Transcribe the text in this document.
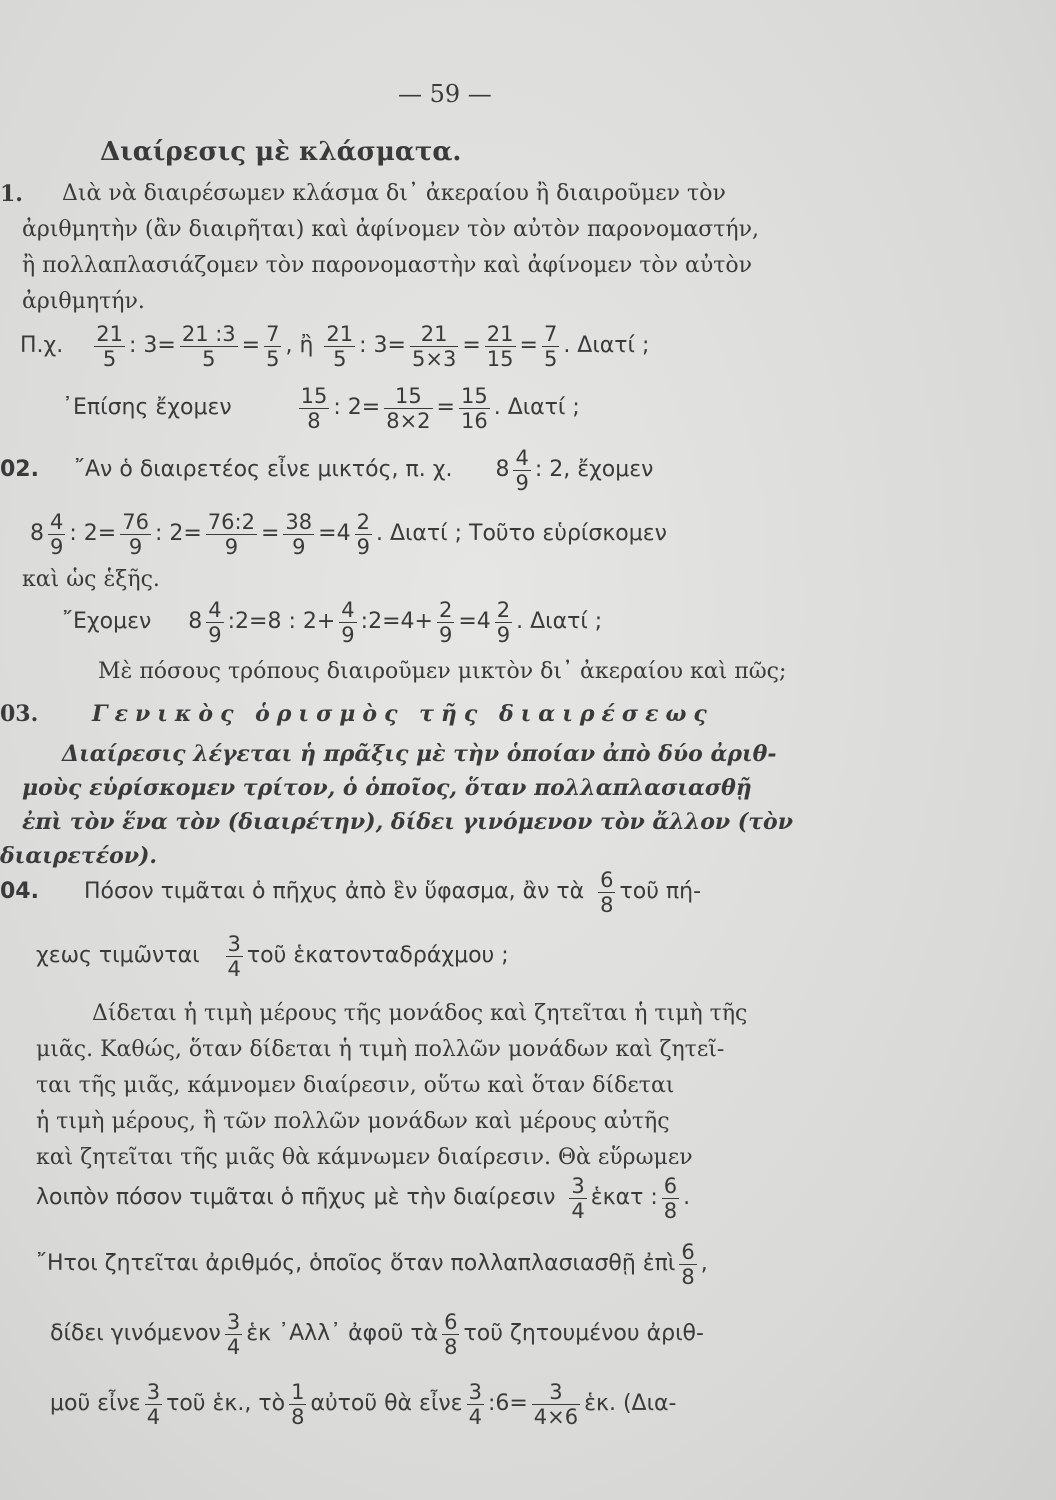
— 59 —
Διαίρεσις μὲ κλάσματα.
1. Διὰ νὰ διαιρέσωμεν κλάσμα δι᾽ ἀκεραίου ἢ διαιροῦμεν τὸν
ἀριθμητὴν (ἂν διαιρῆται) καὶ ἀφίνομεν τὸν αὐτὸν παρονομαστήν,
ἢ πολλαπλασιάζομεν τὸν παρονομαστὴν καὶ ἀφίνομεν τὸν αὐτὸν
ἀριθμητήν.
Π.χ. $\frac{21}{5}$ : $3= \frac{21 :3}{5} = \frac{7}{5}$ , ἢ $\frac{21}{5}$ : $3= \frac{21}{5\times 3} = \frac{21}{15} = \frac{7}{5}$ . Διατί ;
᾿Επίσης ἔχομεν	$\frac{15}{8}$ : $2= \frac{15}{8\times 2} = \frac{15}{16}$ . Διατί ;
02. ῎Αν ὁ διαιρετέος εἶνε μικτός, π. χ. $8 \frac{4}{9}$ : 2, ἔχομεν
$8 \frac{4}{9}$ : $2= \frac{76}{9}$ : $2= \frac{76:2}{9} = \frac{38}{9} =4 \frac{2}{9}$ . Διατί ; Τοῦτο εὑρίσκομεν
καὶ ὡς ἑξῆς.
῎Εχομεν $8 \frac{4}{9}$ :2=8 : $2+ \frac{4}{9}$ :2=4+ $\frac{2}{9} =4 \frac{2}{9}$ . Διατί ;
Μὲ πόσους τρόπους διαιροῦμεν μικτὸν δι᾽ ἀκεραίου καὶ πῶς;
03. Γενικὸς ὁρισμὸς τῆς διαιρέσεως
Διαίρεσις λέγεται ἡ πρᾶξις μὲ τὴν ὁποίαν ἀπὸ δύο ἀριθ-
μοὺς εὑρίσκομεν τρίτον, ὁ ὁποῖος, ὅταν πολλαπλασιασθῇ
ἐπὶ τὸν ἕνα τὸν (διαιρέτην), δίδει γινόμενον τὸν ἄλλον (τὸν
διαιρετέον).
04. Πόσον τιμᾶται ὁ πῆχυς ἀπὸ ἓν ὕφασμα, ἂν τὰ $\frac{6}{8}$ τοῦ πή-
χεως τιμῶνται $\frac{3}{4}$ τοῦ ἑκατονταδράχμου ;
Δίδεται ἡ τιμὴ μέρους τῆς μονάδος καὶ ζητεῖται ἡ τιμὴ τῆς
μιᾶς. Καθώς, ὅταν δίδεται ἡ τιμὴ πολλῶν μονάδων καὶ ζητεῖ-
ται τῆς μιᾶς, κάμνομεν διαίρεσιν, οὕτω καὶ ὅταν δίδεται
ἡ τιμὴ μέρους, ἢ τῶν πολλῶν μονάδων καὶ μέρους αὐτῆς
καὶ ζητεῖται τῆς μιᾶς θὰ κάμνωμεν διαίρεσιν. Θὰ εὕρωμεν
λοιπὸν πόσον τιμᾶται ὁ πῆχυς μὲ τὴν διαίρεσιν $\frac{3}{4}$ ἑκατ : $\frac{6}{8}$ .
῎Ητοι ζητεῖται ἀριθμός, ὁποῖος ὅταν πολλαπλασιασθῇ ἐπὶ $\frac{6}{8}$ ,
δίδει γινόμενον $\frac{3}{4}$ ἑκ ᾽Αλλ᾽ ἀφοῦ τὰ $\frac{6}{8}$ τοῦ ζητουμένου ἀριθ-
μοῦ εἶνε $\frac{3}{4}$ τοῦ ἑκ., τὸ $\frac{1}{8}$ αὐτοῦ θὰ εἶνε $\frac{3}{4}$ :6= $\frac{3}{4\times 6}$ ἑκ. (Δια-
